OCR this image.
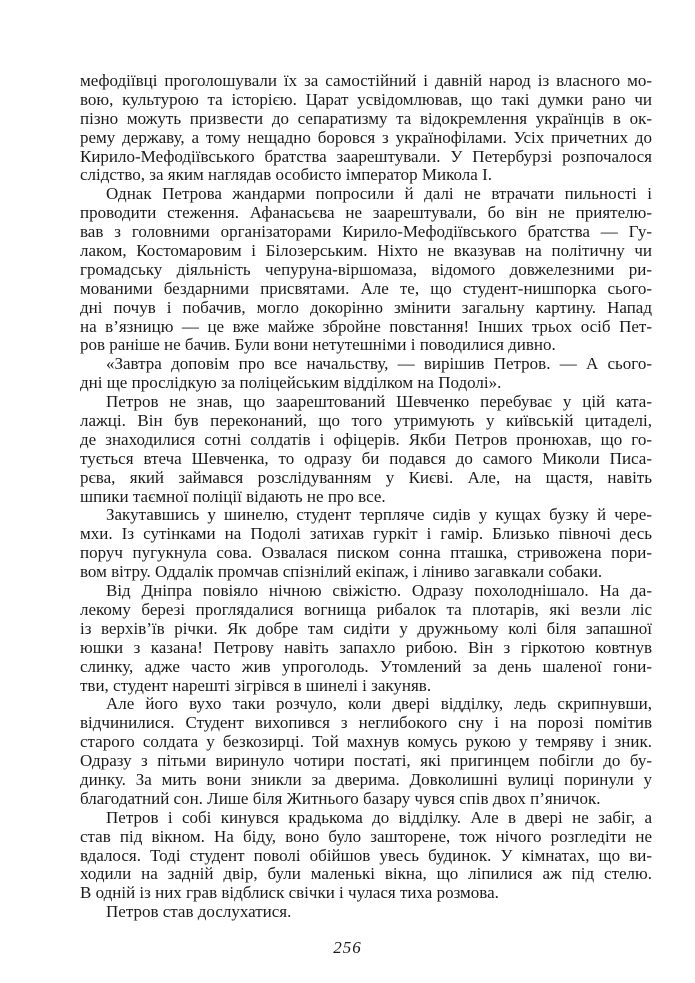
мефодіївці проголошували їх за самостійний і давній народ із власного мо-
вою, культурою та історією. Царат усвідомлював, що такі думки рано чи
пізно можуть призвести до сепаратизму та відокремлення українців в ок-
рему державу, а тому нещадно боровся з українофілами. Усіх причетних до
Кирило-Мефодіївського братства заарештували. У Петербурзі розпочалося
слідство, за яким наглядав особисто імператор Микола I.
Однак Петрова жандарми попросили й далі не втрачати пильності і
проводити стеження. Афанасьєва не заарештували, бо він не приятелю-
вав з головними організаторами Кирило-Мефодіївського братства — Гу-
лаком, Костомаровим і Білозерським. Ніхто не вказував на політичну чи
громадську діяльність чепуруна-віршомаза, відомого довжелезними ри-
мованими бездарними присвятами. Але те, що студент-нишпорка сього-
дні почув і побачив, могло докорінно змінити загальну картину. Напад
на в’язницю — це вже майже збройне повстання! Інших трьох осіб Пет-
ров раніше не бачив. Були вони нетутешніми і поводилися дивно.
«Завтра доповім про все начальству, — вирішив Петров. — А сього-
дні ще прослідкую за поліцейським відділком на Подолі».
Петров не знав, що заарештований Шевченко перебуває у цій ката-
лажці. Він був переконаний, що того утримують у київській цитаделі,
де знаходилися сотні солдатів і офіцерів. Якби Петров пронюхав, що го-
тується втеча Шевченка, то одразу би подався до самого Миколи Писа-
рєва, який займався розслідуванням у Києві. Але, на щастя, навіть
шпики таємної поліції відають не про все.
Закутавшись у шинелю, студент терпляче сидів у кущах бузку й чере-
мхи. Із сутінками на Подолі затихав гуркіт і гамір. Близько півночі десь
поруч пугукнула сова. Озвалася писком сонна пташка, стривожена пори-
вом вітру. Оддалік промчав спізнілий екіпаж, і ліниво загавкали собаки.
Від Дніпра повіяло нічною свіжістю. Одразу похолоднішало. На да-
лекому березі проглядалися вогнища рибалок та плотарів, які везли ліс
із верхів’їв річки. Як добре там сидіти у дружньому колі біля запашної
юшки з казана! Петрову навіть запахло рибою. Він з гіркотою ковтнув
слинку, адже часто жив упроголодь. Утомлений за день шаленої гони-
тви, студент нарешті зігрівся в шинелі і закуняв.
Але його вухо таки розчуло, коли двері відділку, ледь скрипнувши,
відчинилися. Студент вихопився з неглибокого сну і на порозі помітив
старого солдата у безкозирці. Той махнув комусь рукою у темряву і зник.
Одразу з пітьми виринуло чотири постаті, які пригинцем побігли до бу-
динку. За мить вони зникли за дверима. Довколишні вулиці поринули у
благодатний сон. Лише біля Житнього базару чувся спів двох п’яничок.
Петров і собі кинувся крадькома до відділку. Але в двері не забіг, а
став під вікном. На біду, воно було зашторене, тож нічого розгледіти не
вдалося. Тоді студент поволі обійшов увесь будинок. У кімнатах, що ви-
ходили на задній двір, були маленькі вікна, що ліпилися аж під стелю.
В одній із них грав відблиск свічки і чулася тиха розмова.
Петров став дослухатися.
256
